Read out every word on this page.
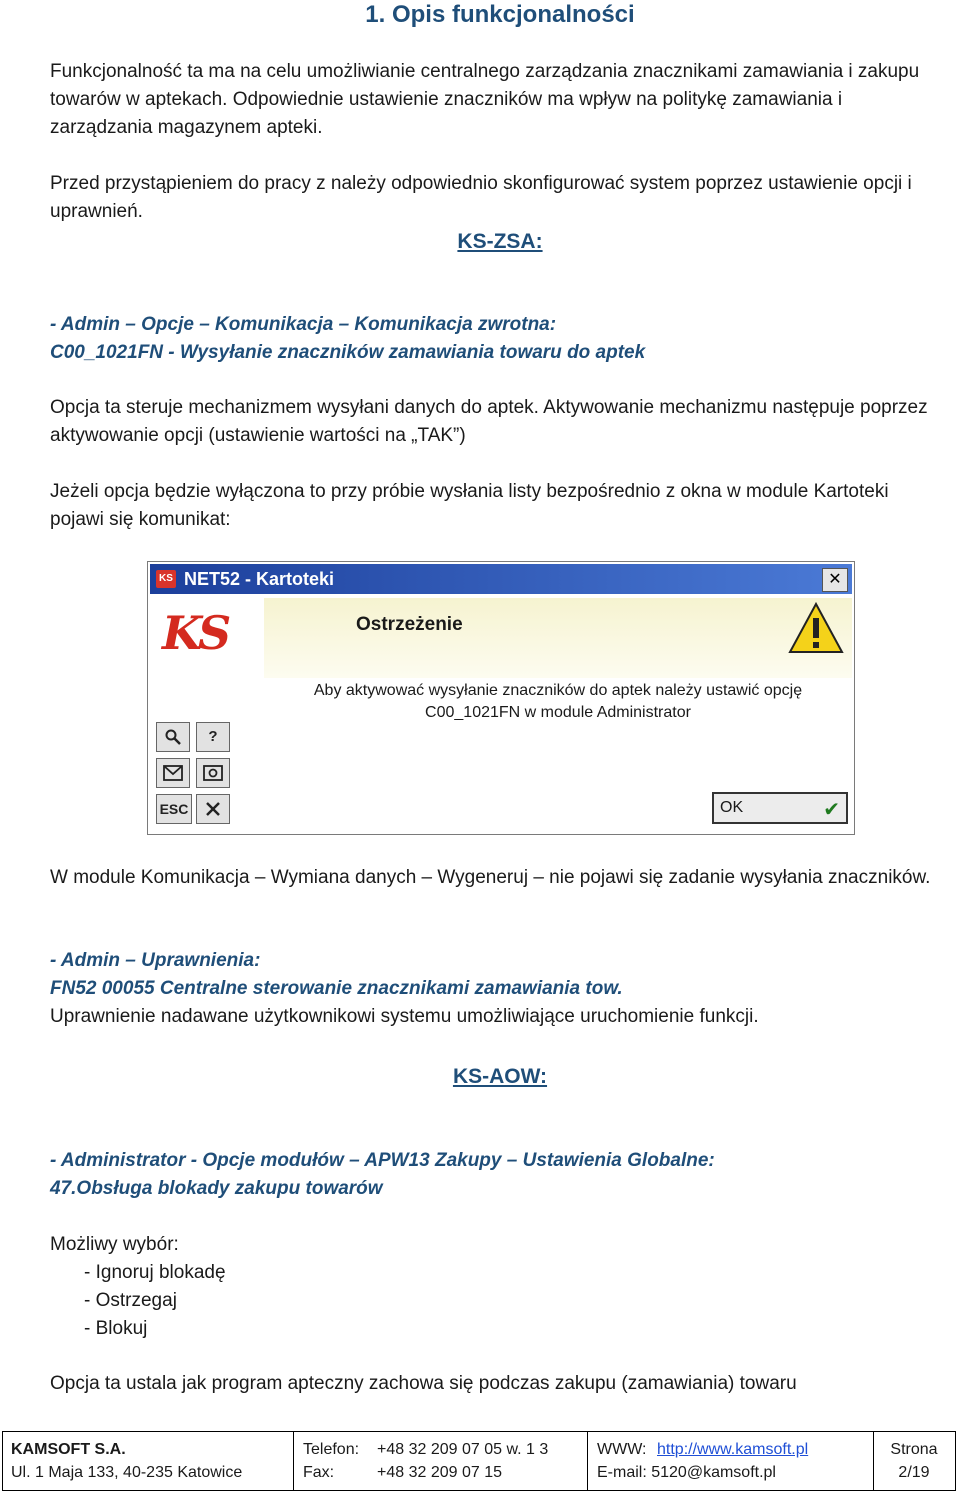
1. Opis funkcjonalności

Funkcjonalność ta ma na celu umożliwianie centralnego zarządzania znacznikami zamawiania i zakupu towarów w aptekach. Odpowiednie ustawienie znaczników ma wpływ na politykę zamawiania i zarządzania magazynem apteki.

Przed przystąpieniem do pracy z należy odpowiednio skonfigurować system poprzez ustawienie opcji i uprawnień.

KS-ZSA:

- Admin – Opcje – Komunikacja – Komunikacja zwrotna:

C00_1021FN - Wysyłanie znaczników zamawiania towaru do aptek

Opcja ta steruje mechanizmem wysyłani danych do aptek. Aktywowanie mechanizmu następuje poprzez aktywowanie opcji (ustawienie wartości na „TAK”)

Jeżeli opcja będzie wyłączona to przy próbie wysłania listy bezpośrednio z okna w module Kartoteki pojawi się komunikat:

KS NET52 - Kartoteki	✕
KS	Ostrzeżenie
Aby aktywować wysyłanie znaczników do aptek należy ustawić opcję
C00_1021FN w module Administrator
?
ESC	OK	✔

W module Komunikacja – Wymiana danych – Wygeneruj – nie pojawi się zadanie wysyłania znaczników.

- Admin – Uprawnienia:

FN52 00055 Centralne sterowanie znacznikami zamawiania tow.

Uprawnienie nadawane użytkownikowi systemu umożliwiające uruchomienie funkcji.

KS-AOW:

- Administrator - Opcje modułów – APW13 Zakupy – Ustawienia Globalne:

47.Obsługa blokady zakupu towarów

Możliwy wybór:

- Ignoruj blokadę
- Ostrzegaj
- Blokuj

Opcja ta ustala jak program apteczny zachowa się podczas zakupu (zamawiania) towaru

KAMSOFT S.A.
Ul. 1 Maja 133, 40-235 Katowice
Telefon: +48 32 209 07 05 w. 1 3
Fax:	+48 32 209 07 15
WWW: http://www.kamsoft.pl
E-mail: 5120@kamsoft.pl
Strona
2/19
